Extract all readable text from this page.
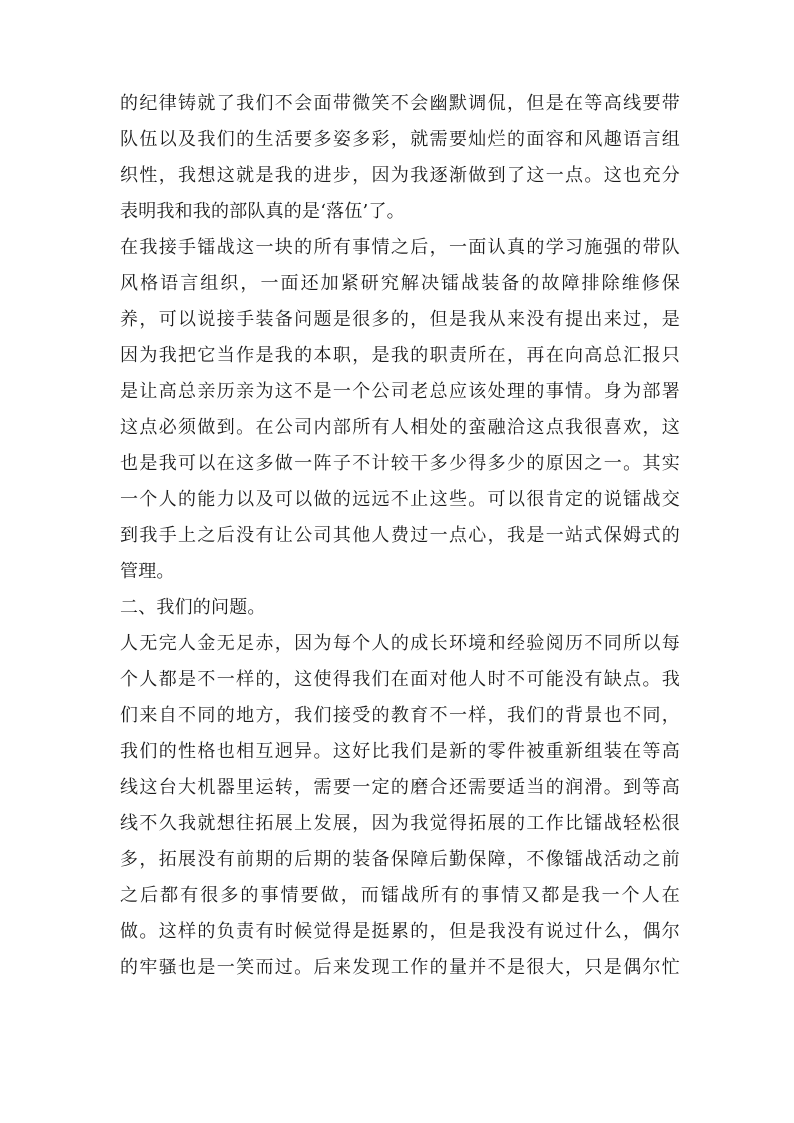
的纪律铸就了我们不会面带微笑不会幽默调侃，但是在等高线要带
队伍以及我们的生活要多姿多彩，就需要灿烂的面容和风趣语言组
织性，我想这就是我的进步，因为我逐渐做到了这一点。这也充分
表明我和我的部队真的是‘落伍’了。
在我接手镭战这一块的所有事情之后，一面认真的学习施强的带队
风格语言组织，一面还加紧研究解决镭战装备的故障排除维修保
养，可以说接手装备问题是很多的，但是我从来没有提出来过，是
因为我把它当作是我的本职，是我的职责所在，再在向高总汇报只
是让高总亲历亲为这不是一个公司老总应该处理的事情。身为部署
这点必须做到。在公司内部所有人相处的蛮融洽这点我很喜欢，这
也是我可以在这多做一阵子不计较干多少得多少的原因之一。其实
一个人的能力以及可以做的远远不止这些。可以很肯定的说镭战交
到我手上之后没有让公司其他人费过一点心，我是一站式保姆式的
管理。
二、我们的问题。
人无完人金无足赤，因为每个人的成长环境和经验阅历不同所以每
个人都是不一样的，这使得我们在面对他人时不可能没有缺点。我
们来自不同的地方，我们接受的教育不一样，我们的背景也不同，
我们的性格也相互迥异。这好比我们是新的零件被重新组装在等高
线这台大机器里运转，需要一定的磨合还需要适当的润滑。到等高
线不久我就想往拓展上发展，因为我觉得拓展的工作比镭战轻松很
多，拓展没有前期的后期的装备保障后勤保障，不像镭战活动之前
之后都有很多的事情要做，而镭战所有的事情又都是我一个人在
做。这样的负责有时候觉得是挺累的，但是我没有说过什么，偶尔
的牢骚也是一笑而过。后来发现工作的量并不是很大，只是偶尔忙
